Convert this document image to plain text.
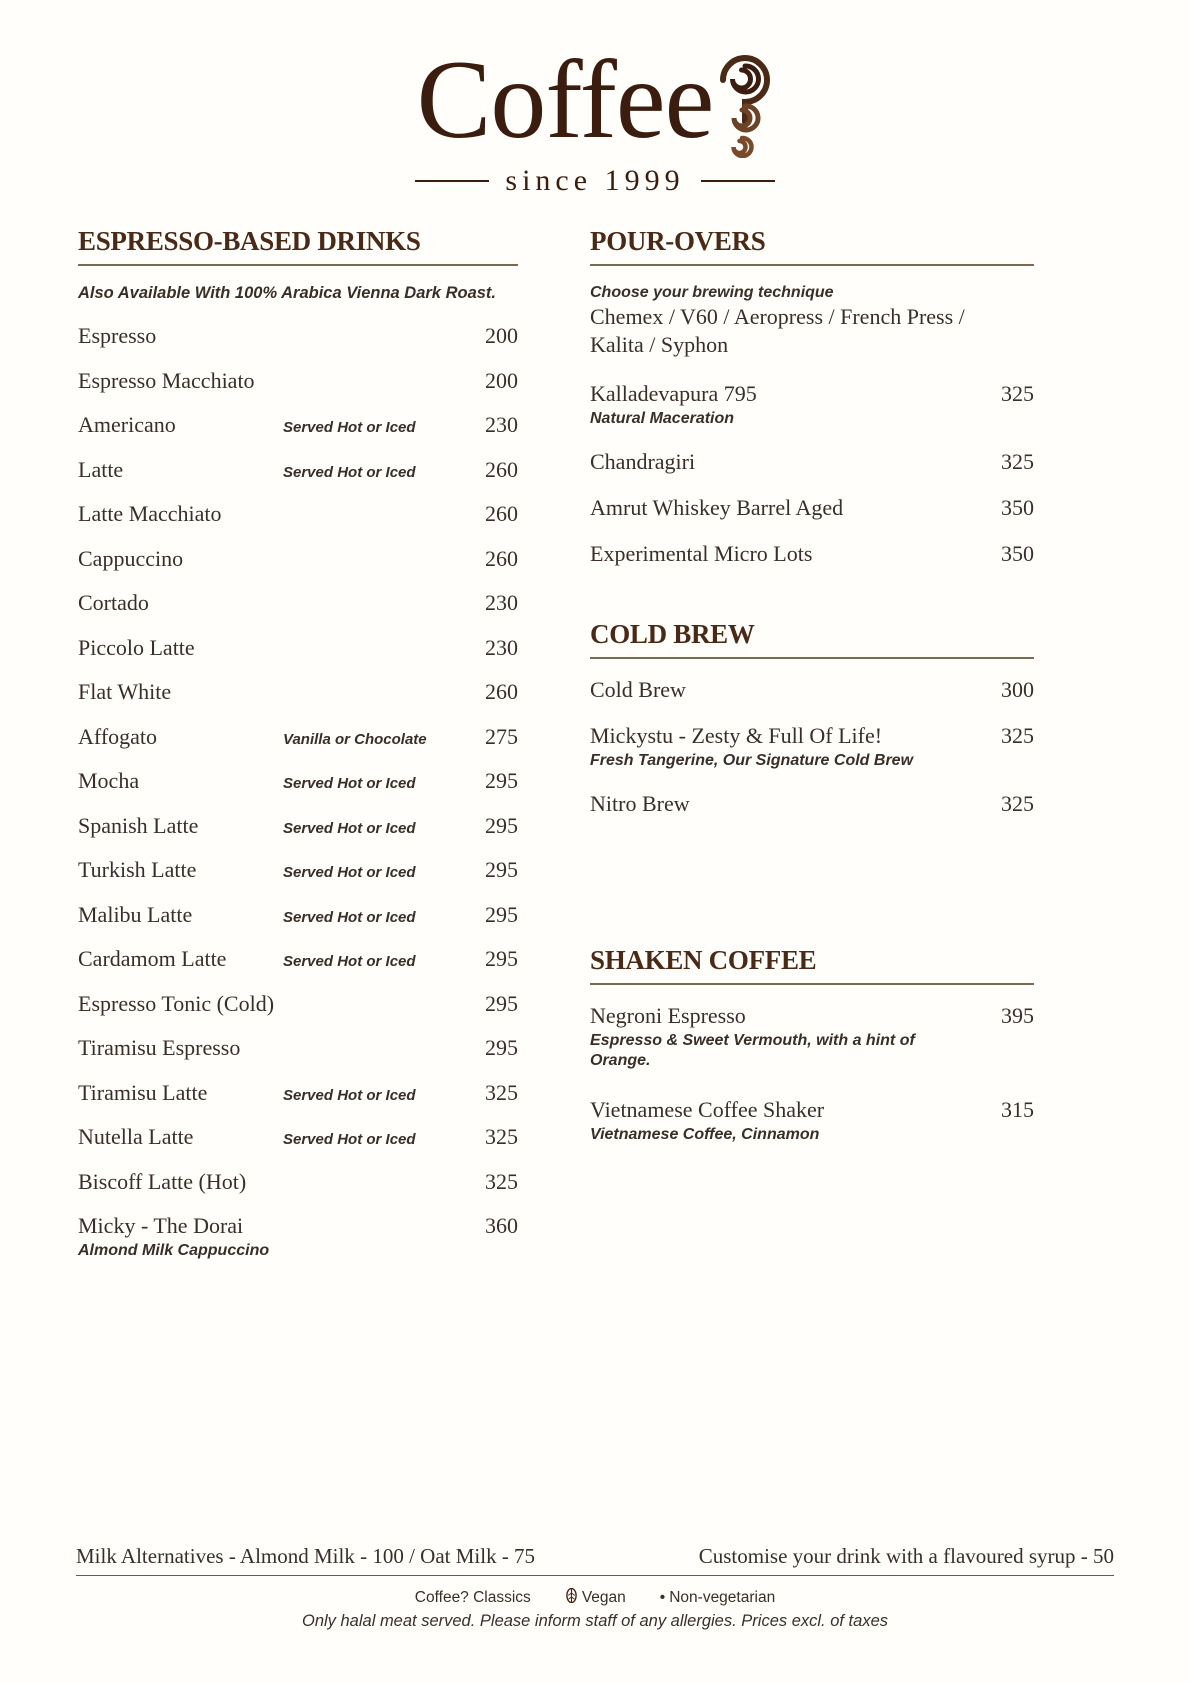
Coffee
since 1999
ESPRESSO-BASED DRINKS
Also Available With 100% Arabica Vienna Dark Roast.
Espresso	200
Espresso Macchiato	200
Americano	Served Hot or Iced	230
Latte	Served Hot or Iced	260
Latte Macchiato	260
Cappuccino	260
Cortado	230
Piccolo Latte	230
Flat White	260
Affogato	Vanilla or Chocolate	275
Mocha	Served Hot or Iced	295
Spanish Latte	Served Hot or Iced	295
Turkish Latte	Served Hot or Iced	295
Malibu Latte	Served Hot or Iced	295
Cardamom Latte	Served Hot or Iced	295
Espresso Tonic (Cold)	295
Tiramisu Espresso	295
Tiramisu Latte	Served Hot or Iced	325
Nutella Latte	Served Hot or Iced	325
Biscoff Latte (Hot)	325
Micky - The Dorai	360
Almond Milk Cappuccino
POUR-OVERS
Choose your brewing technique
Chemex / V60 / Aeropress / French Press /
Kalita / Syphon
Kalladevapura 795	325
Natural Maceration
Chandragiri	325
Amrut Whiskey Barrel Aged	350
Experimental Micro Lots	350
COLD BREW
Cold Brew	300
Mickystu - Zesty & Full Of Life!	325
Fresh Tangerine, Our Signature Cold Brew
Nitro Brew	325
SHAKEN COFFEE
Negroni Espresso	395
Espresso & Sweet Vermouth, with a hint of Orange.
Vietnamese Coffee Shaker	315
Vietnamese Coffee, Cinnamon
Milk Alternatives - Almond Milk - 100 / Oat Milk - 75	Customise your drink with a flavoured syrup - 50
Coffee? Classics	Vegan • Non-vegetarian
Only halal meat served. Please inform staff of any allergies. Prices excl. of taxes
